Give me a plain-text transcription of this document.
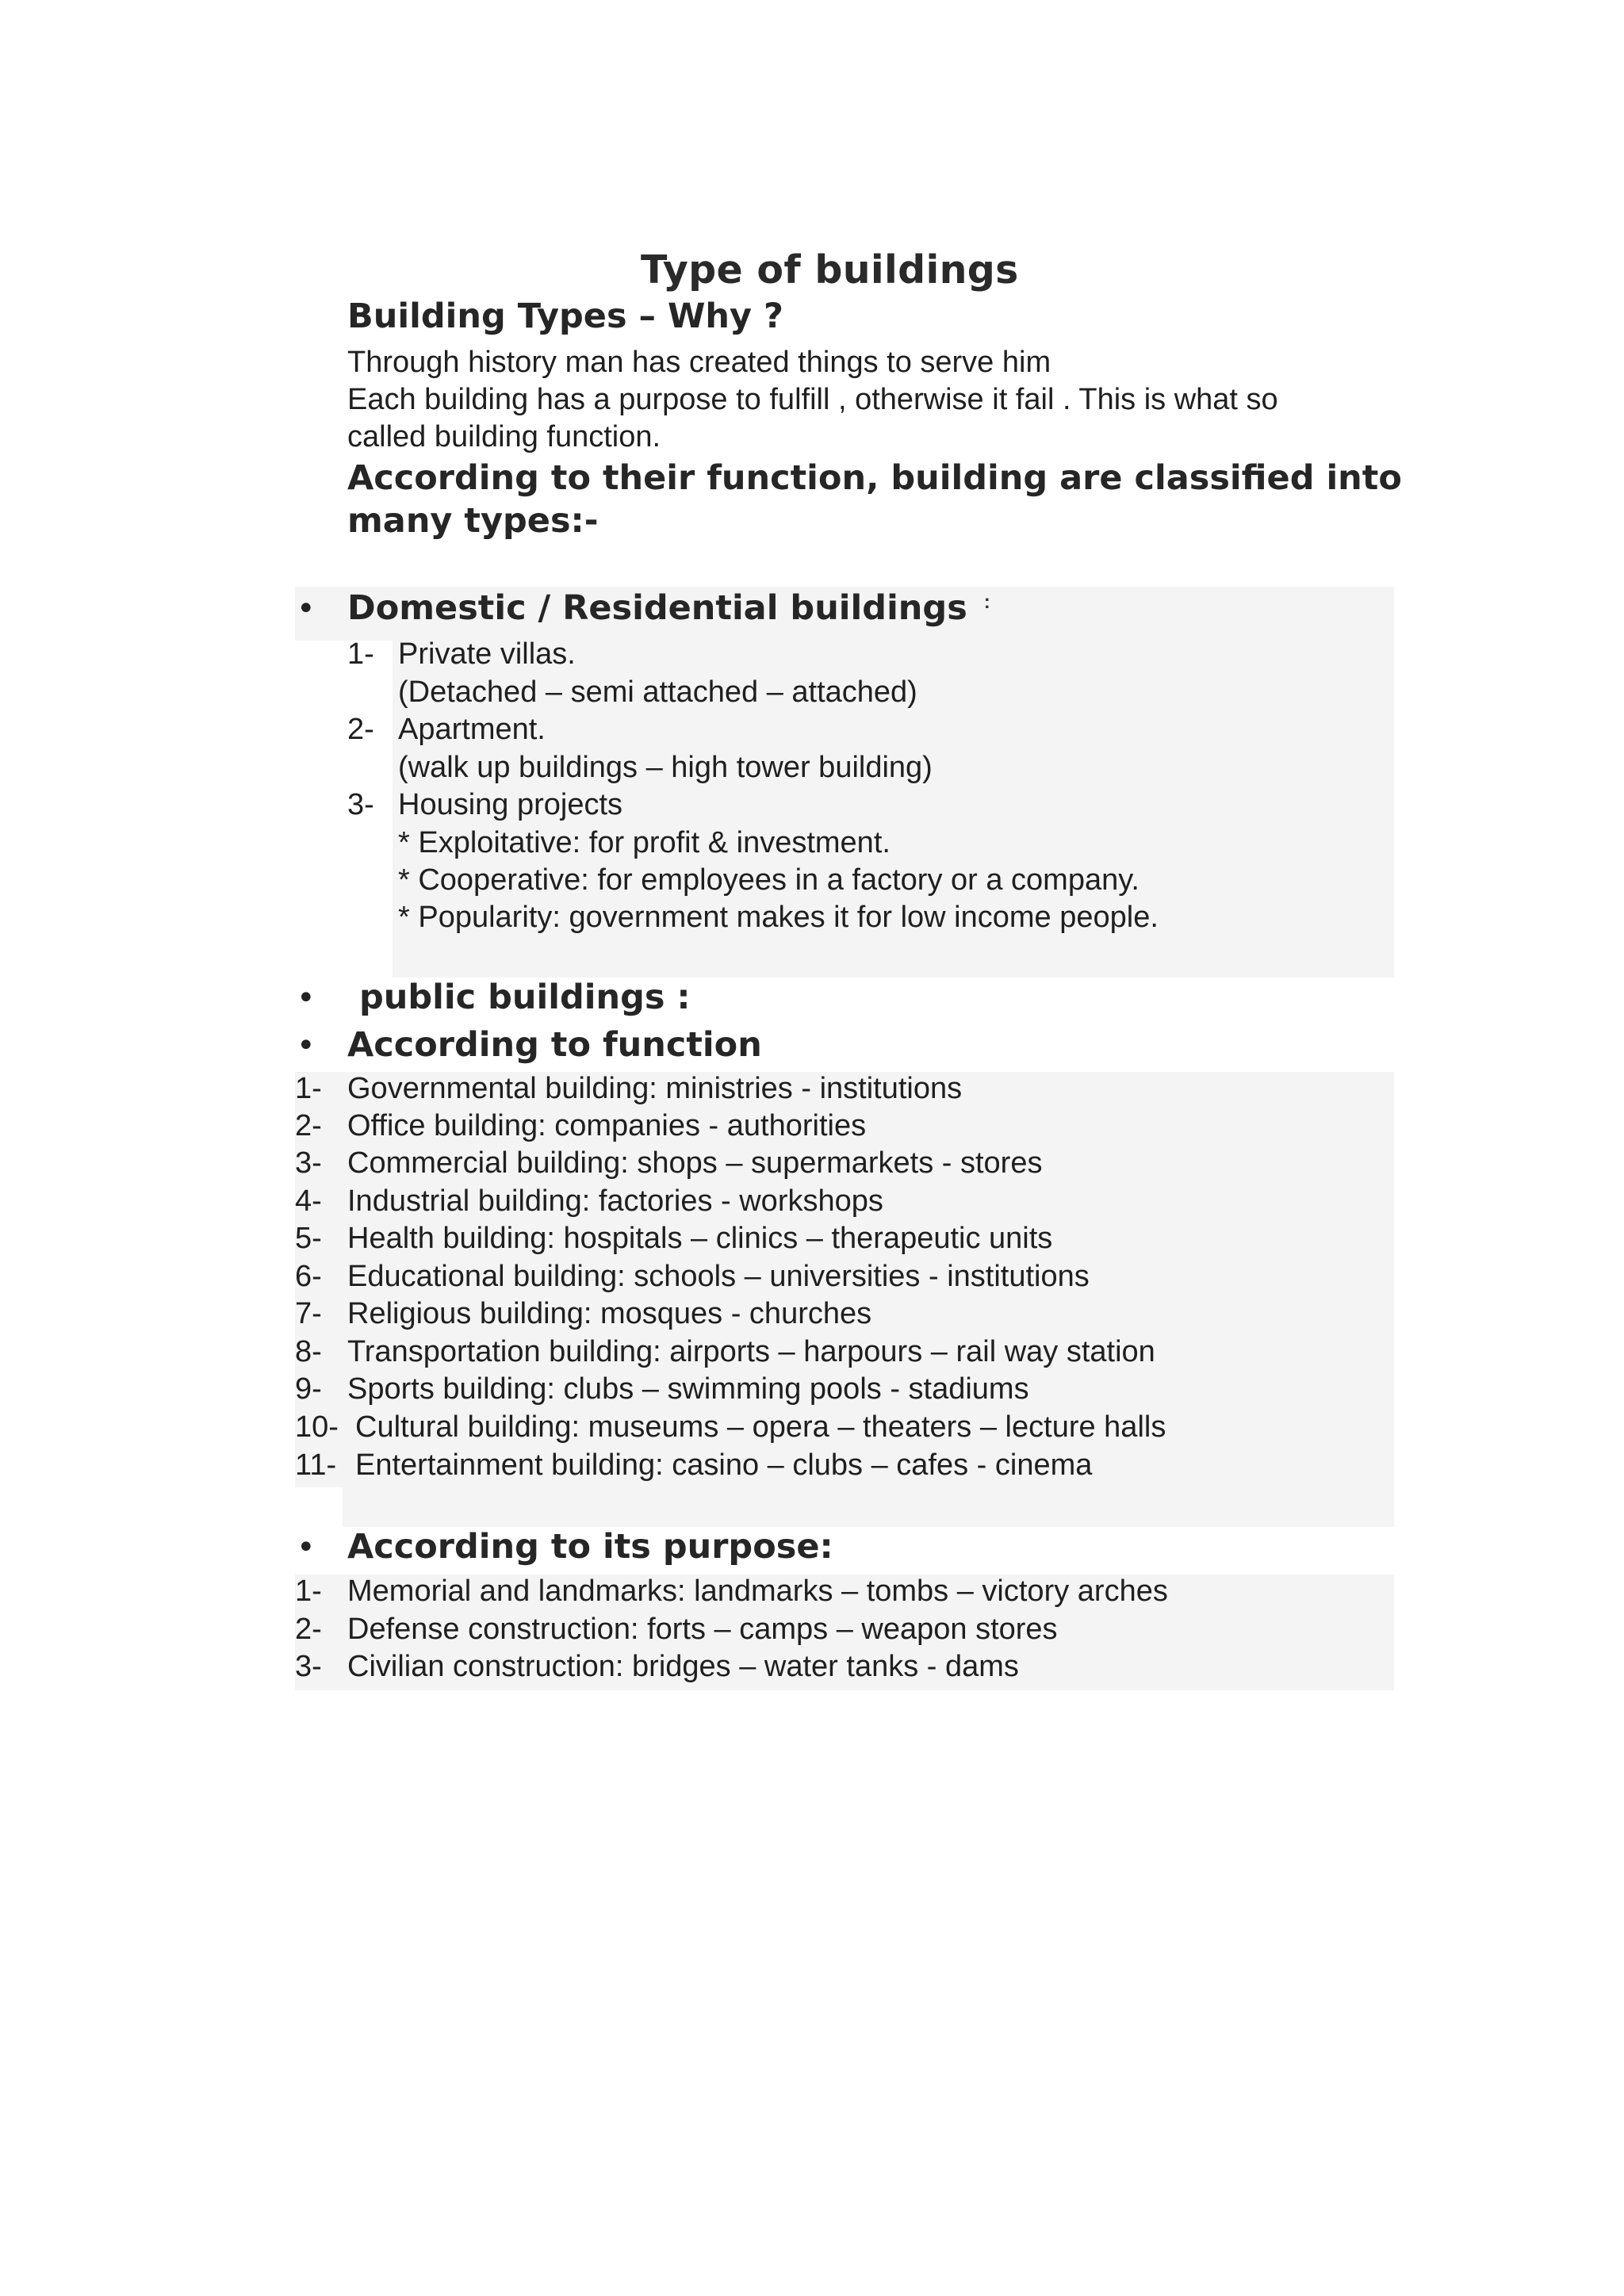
Type of buildings
Building Types – Why ?
Through history man has created things to serve him
Each building has a purpose to fulfill , otherwise it fail . This is what so
called building function.
According to their function, building are classified into
many types:-
• Domestic / Residential buildings :
1- Private villas.
(Detached – semi attached – attached)
2- Apartment.
(walk up buildings – high tower building)
3- Housing projects
* Exploitative: for profit & investment.
* Cooperative: for employees in a factory or a company.
* Popularity: government makes it for low income people.
• public buildings :
• According to function
1- Governmental building: ministries - institutions
2- Office building: companies - authorities
3- Commercial building: shops – supermarkets - stores
4- Industrial building: factories - workshops
5- Health building: hospitals – clinics – therapeutic units
6- Educational building: schools – universities - institutions
7- Religious building: mosques - churches
8- Transportation building: airports – harpours – rail way station
9- Sports building: clubs – swimming pools - stadiums
10- Cultural building: museums – opera – theaters – lecture halls
11- Entertainment building: casino – clubs – cafes - cinema
• According to its purpose:
1- Memorial and landmarks: landmarks – tombs – victory arches
2- Defense construction: forts – camps – weapon stores
3- Civilian construction: bridges – water tanks - dams
